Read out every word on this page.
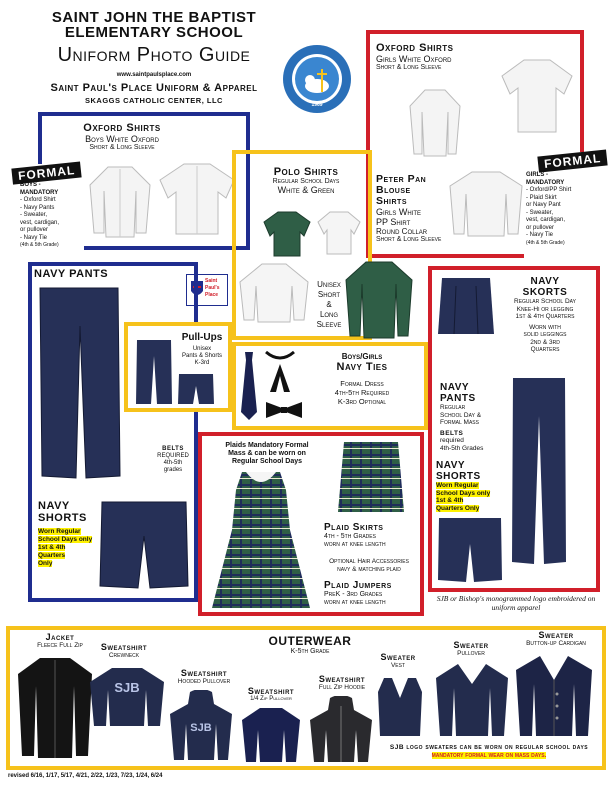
SAINT JOHN THE BAPTIST
ELEMENTARY SCHOOL
Uniform Photo Guide
www.saintpaulsplace.com
Saint Paul's Place Uniform & Apparel
SKAGGS CATHOLIC CENTER, LLC	1969
Oxford Shirts
Boys White Oxford
Short & Long Sleeve
FORMAL
BOYS -
MANDATORY
- Oxford Shirt
- Navy Pants
- Sweater,
vest, cardigan,
or pullover
- Navy Tie
(4th & 5th Grade)
Oxford Shirts
Girls White Oxford
Short & Long Sleeve
Peter Pan
Blouse
Shirts
Girls White
PP Shirt
Round Collar
Short & Long Sleeve
FORMAL
GIRLS -
MANDATORY
- Oxford/PP Shirt
- Plaid Skirt
or Navy Pant
- Sweater,
vest, cardigan,
or pullover
- Navy Tie
(4th & 5th Grade)
Polo Shirts
Regular School Days
White & Green
Unisex
Short
&
Long
Sleeve
Saint Paul's Place
NAVY PANTS
BELTS
REQUIRED
4th-5th
grades
NAVY
SHORTS
Worn Regular
School Days only
1st & 4th
Quarters
Only
Pull-Ups
Unisex
Pants & Shorts
K-3rd
Boys/Girls
Navy Ties
Formal Dress
4th-5th Required
K-3rd Optional
Plaids Mandatory Formal
Mass & can be worn on
Regular School Days
Plaid Skirts
4th - 5th Grades
worn at knee length
Optional Hair Accessories
navy & matching plaid
Plaid Jumpers
PreK - 3rd Grades
worn at knee length
NAVY
SKORTS
Regular School Day
Knee-Hi or legging
1st & 4th Quarters
Worn with
solid leggings
2nd & 3rd
Quarters
NAVY
PANTS
Regular
School Day &
Formal Mass
BELTS
required
4th-5th Grades
NAVY
SHORTS
Worn Regular
School Days only
1st & 4th
Quarters Only
SJB or Bishop's monogrammed logo embroidered on uniform apparel
OUTERWEAR
K-5th Grade
Jacket
Fleece Full Zip	Sweatshirt
Crewneck
SJB
Sweatshirt
Hooded Pullover
SJB
Sweatshirt
1/4 Zip Pullover
Sweatshirt
Full Zip Hoodie
Sweater
Vest
Sweater
Pullover
Sweater
Button-up Cardigan
SJB logo sweaters can be worn on regular school days
mandatory formal wear on mass days.
revised 6/16, 1/17, 5/17, 4/21, 2/22, 1/23, 7/23, 1/24, 6/24
